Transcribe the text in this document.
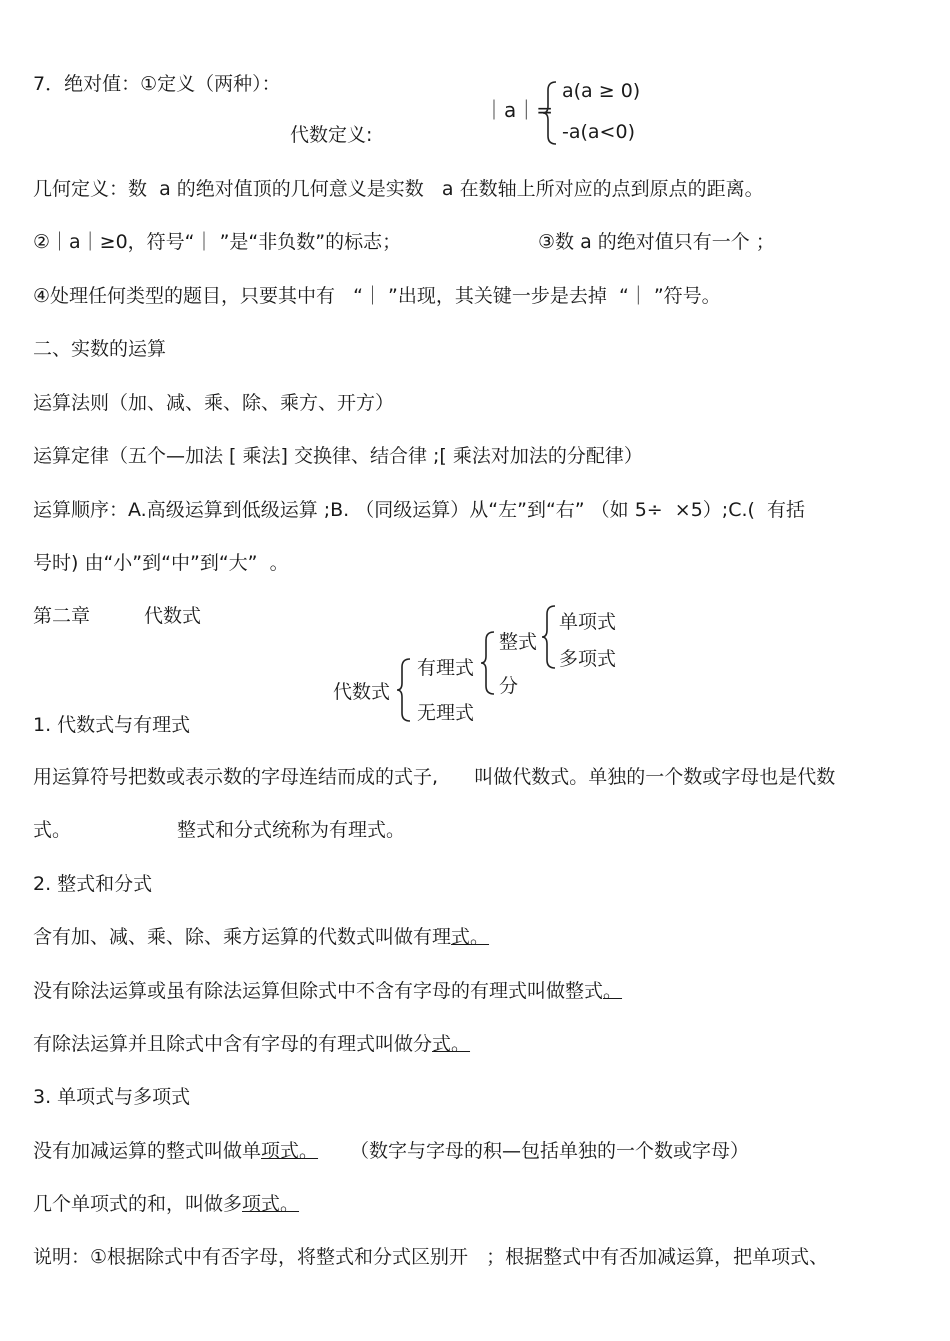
7．绝对值：①定义（两种）：
｜a｜=
a(a ≥ 0)
-a(a<0)
代数定义:
几何定义：数  a 的绝对值顶的几何意义是实数   a 在数轴上所对应的点到原点的距离。
②｜a｜≥0，符号“｜ ”是“非负数”的标志；	③数 a 的绝对值只有一个 ；
④处理任何类型的题目，只要其中有   “｜ ”出现，其关键一步是去掉  “｜ ”符号。
二、实数的运算
运算法则（加、减、乘、除、乘方、开方）
运算定律（五个—加法 [ 乘法] 交换律、结合律 ;[ 乘法对加法的分配律）
运算顺序：A.高级运算到低级运算 ;B. （同级运算）从“左”到“右” （如 5÷  ×5）;C.(  有括
号时) 由“小”到“中”到“大”  。
第二章	代数式
代数式
有理式
无理式
整式
分
单项式
多项式
1. 代数式与有理式
用运算符号把数或表示数的字母连结而成的式子,      叫做代数式。单独的一个数或字母也是代数
式。	整式和分式统称为有理式。
2. 整式和分式
含有加、减、乘、除、乘方运算的代数式叫做有理式。
没有除法运算或虽有除法运算但除式中不含有字母的有理式叫做整式。
有除法运算并且除式中含有字母的有理式叫做分式。
3. 单项式与多项式
没有加减运算的整式叫做单项式。 （数字与字母的积—包括单独的一个数或字母）
几个单项式的和，叫做多项式。
说明：①根据除式中有否字母，将整式和分式区别开   ；根据整式中有否加减运算，把单项式、
